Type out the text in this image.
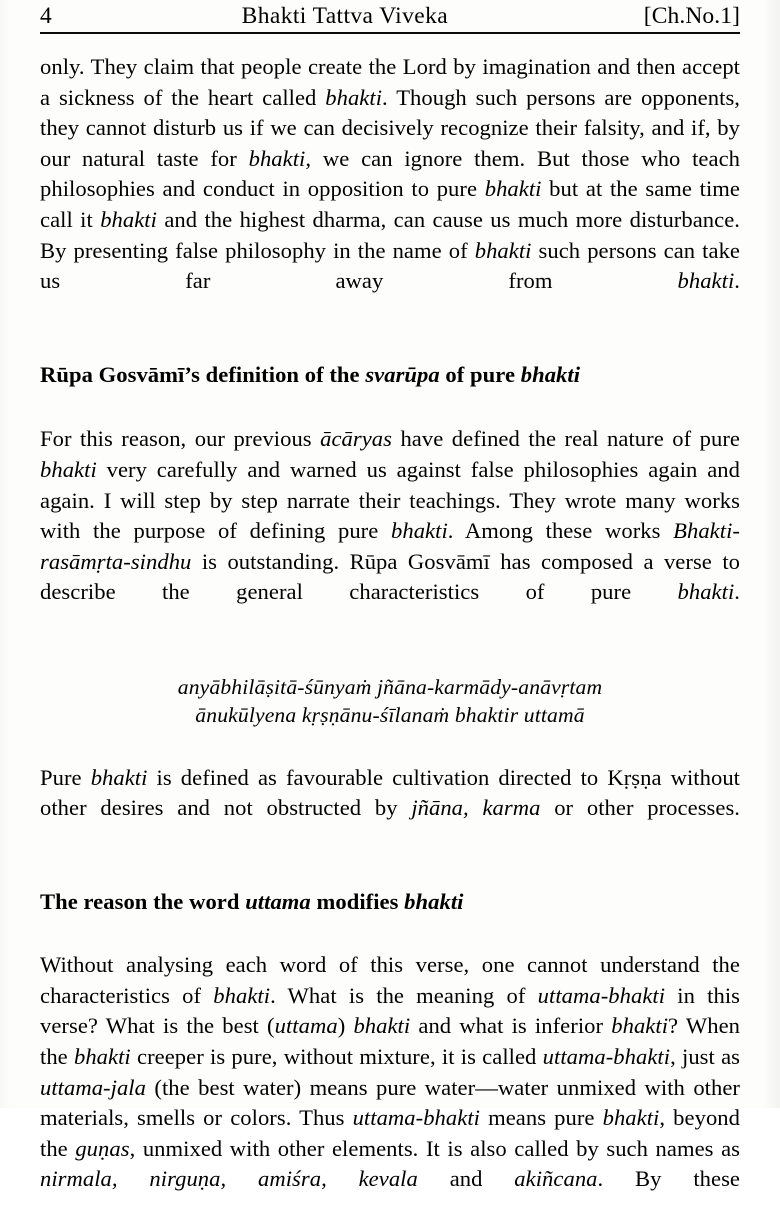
4	Bhakti Tattva Viveka	[Ch.No.1]

only. They claim that people create the Lord by imagination and then accept a sickness of the heart called bhakti. Though such persons are opponents, they cannot disturb us if we can decisively recognize their falsity, and if, by our natural taste for bhakti, we can ignore them. But those who teach philosophies and conduct in opposition to pure bhakti but at the same time call it bhakti and the highest dharma, can cause us much more disturbance. By presenting false philosophy in the name of bhakti such persons can take us far away from bhakti.

Rūpa Gosvāmī’s definition of the svarūpa of pure bhakti

For this reason, our previous ācāryas have defined the real nature of pure bhakti very carefully and warned us against false philosophies again and again. I will step by step narrate their teachings. They wrote many works with the purpose of defining pure bhakti. Among these works Bhakti-rasāmṛta-sindhu is outstanding. Rūpa Gosvāmī has composed a verse to describe the general characteristics of pure bhakti.

anyābhilāṣitā-śūnyaṁ jñāna-karmādy-anāvṛtam
ānukūlyena kṛṣṇānu-śīlanaṁ bhaktir uttamā

Pure bhakti is defined as favourable cultivation directed to Kṛṣṇa without other desires and not obstructed by jñāna, karma or other processes.

The reason the word uttama modifies bhakti

Without analysing each word of this verse, one cannot understand the characteristics of bhakti. What is the meaning of uttama-bhakti in this verse? What is the best (uttama) bhakti and what is inferior bhakti? When the bhakti creeper is pure, without mixture, it is called uttama-bhakti, just as uttama-jala (the best water) means pure water—water unmixed with other materials, smells or colors. Thus uttama-bhakti means pure bhakti, beyond the guṇas, unmixed with other elements. It is also called by such names as nirmala, nirguṇa, amiśra, kevala and akiñcana. By these
